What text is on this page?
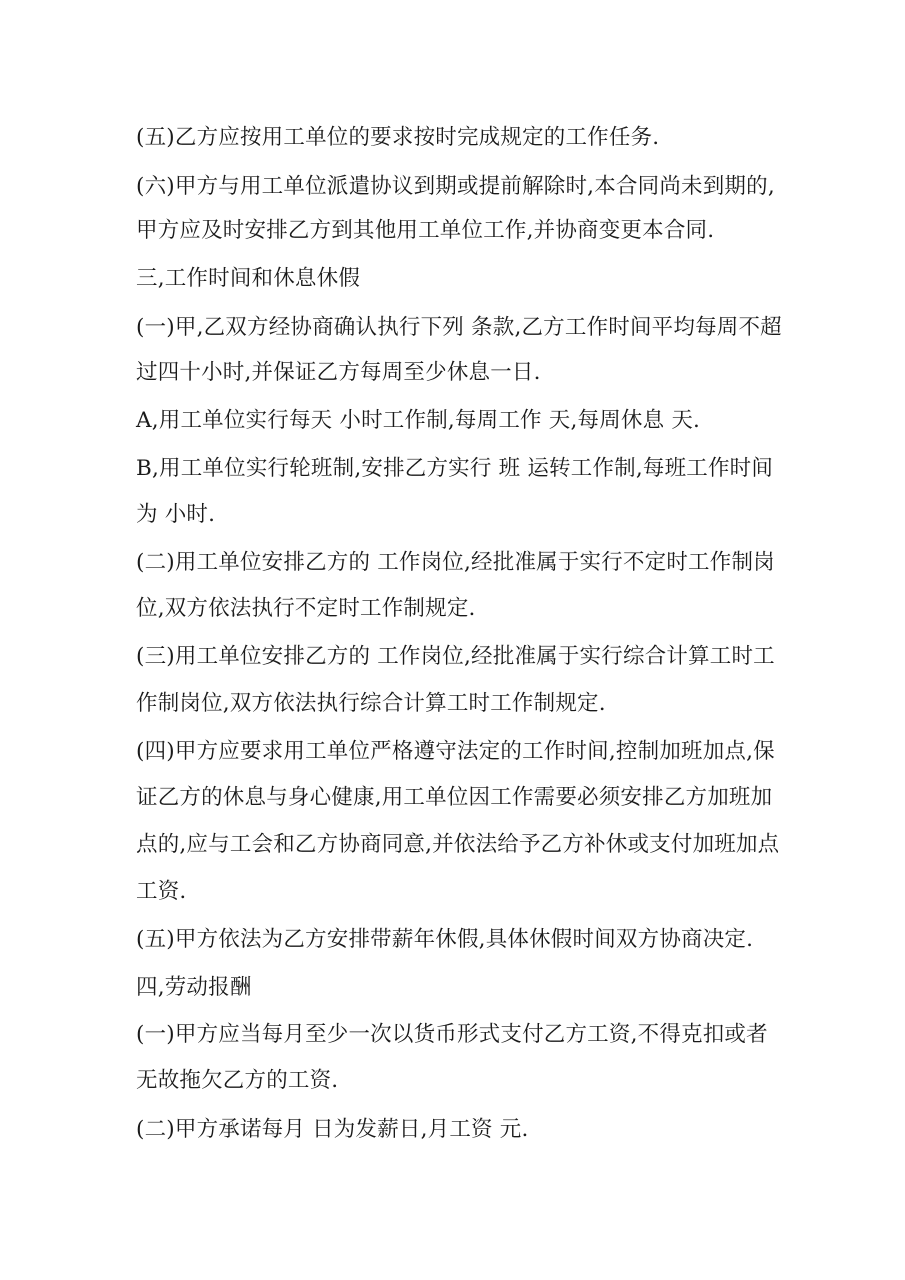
(五)乙方应按用工单位的要求按时完成规定的工作任务.
(六)甲方与用工单位派遣协议到期或提前解除时,本合同尚未到期的,
甲方应及时安排乙方到其他用工单位工作,并协商变更本合同.
三,工作时间和休息休假
(一)甲,乙双方经协商确认执行下列 条款,乙方工作时间平均每周不超
过四十小时,并保证乙方每周至少休息一日.
A,用工单位实行每天 小时工作制,每周工作 天,每周休息 天.
B,用工单位实行轮班制,安排乙方实行 班 运转工作制,每班工作时间
为 小时.
(二)用工单位安排乙方的 工作岗位,经批准属于实行不定时工作制岗
位,双方依法执行不定时工作制规定.
(三)用工单位安排乙方的 工作岗位,经批准属于实行综合计算工时工
作制岗位,双方依法执行综合计算工时工作制规定.
(四)甲方应要求用工单位严格遵守法定的工作时间,控制加班加点,保
证乙方的休息与身心健康,用工单位因工作需要必须安排乙方加班加
点的,应与工会和乙方协商同意,并依法给予乙方补休或支付加班加点
工资.
(五)甲方依法为乙方安排带薪年休假,具体休假时间双方协商决定.
四,劳动报酬
(一)甲方应当每月至少一次以货币形式支付乙方工资,不得克扣或者
无故拖欠乙方的工资.
(二)甲方承诺每月 日为发薪日,月工资 元.
